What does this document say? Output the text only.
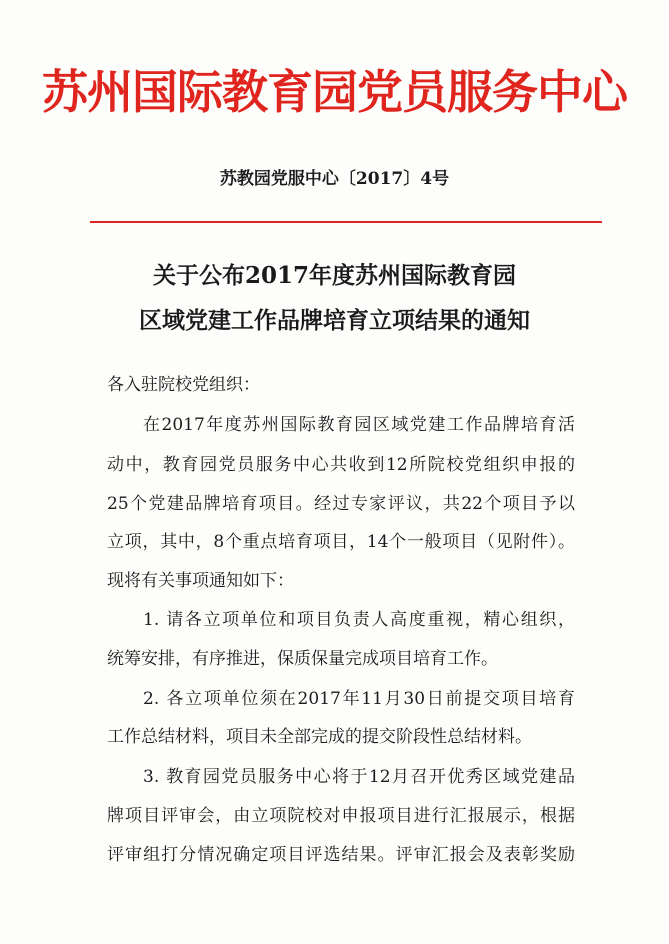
苏州国际教育园党员服务中心
苏教园党服中心〔2017〕4号
关于公布2017年度苏州国际教育园
区域党建工作品牌培育立项结果的通知
各入驻院校党组织：
在2017年度苏州国际教育园区域党建工作品牌培育活
动中，教育园党员服务中心共收到12所院校党组织申报的
25个党建品牌培育项目。经过专家评议，共22个项目予以
立项，其中，8个重点培育项目，14个一般项目（见附件）。
现将有关事项通知如下：
1. 请各立项单位和项目负责人高度重视，精心组织，
统筹安排，有序推进，保质保量完成项目培育工作。
2. 各立项单位须在2017年11月30日前提交项目培育
工作总结材料，项目未全部完成的提交阶段性总结材料。
3. 教育园党员服务中心将于12月召开优秀区域党建品
牌项目评审会，由立项院校对申报项目进行汇报展示，根据
评审组打分情况确定项目评选结果。评审汇报会及表彰奖励
